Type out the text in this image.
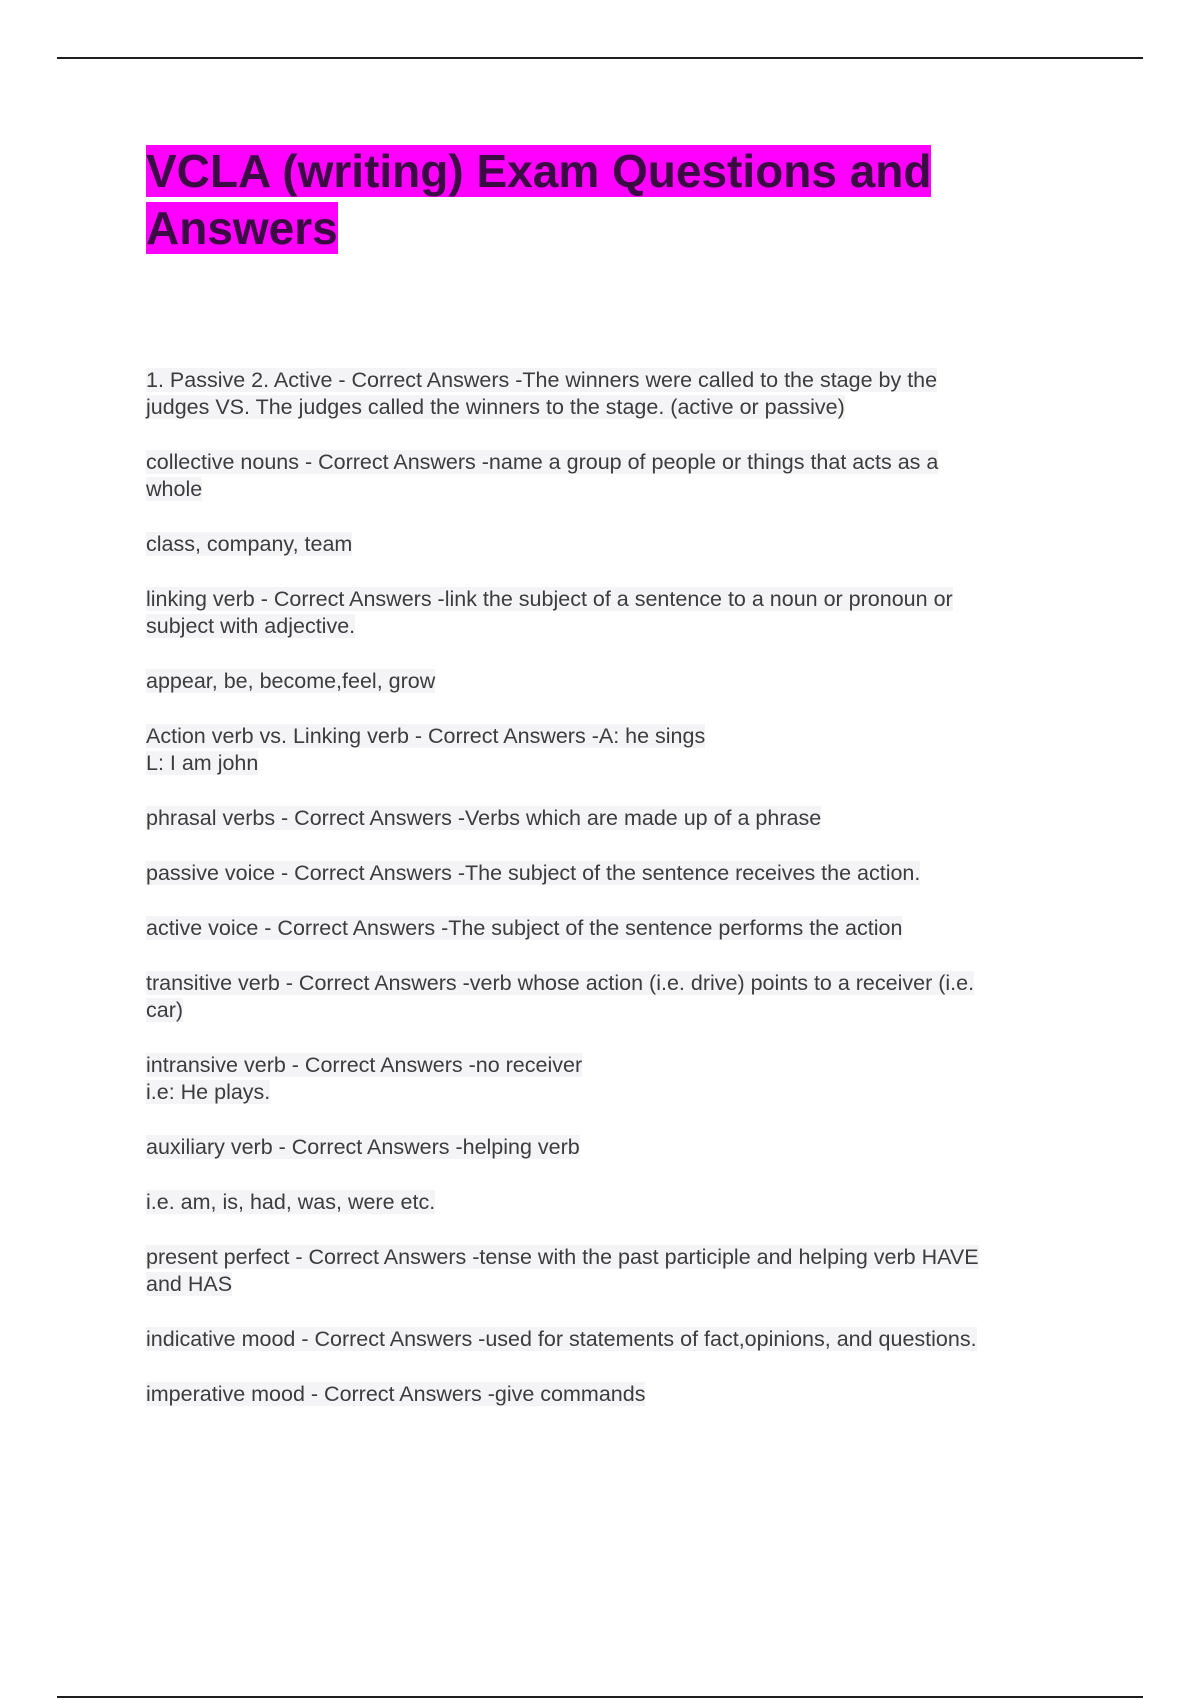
VCLA (writing) Exam Questions and
Answers

1. Passive 2. Active - Correct Answers -The winners were called to the stage by the
judges VS. The judges called the winners to the stage. (active or passive)

collective nouns - Correct Answers -name a group of people or things that acts as a
whole

class, company, team

linking verb - Correct Answers -link the subject of a sentence to a noun or pronoun or
subject with adjective.

appear, be, become,feel, grow

Action verb vs. Linking verb - Correct Answers -A: he sings
L: I am john

phrasal verbs - Correct Answers -Verbs which are made up of a phrase

passive voice - Correct Answers -The subject of the sentence receives the action.

active voice - Correct Answers -The subject of the sentence performs the action

transitive verb - Correct Answers -verb whose action (i.e. drive) points to a receiver (i.e.
car)

intransive verb - Correct Answers -no receiver
i.e: He plays.

auxiliary verb - Correct Answers -helping verb

i.e. am, is, had, was, were etc.

present perfect - Correct Answers -tense with the past participle and helping verb HAVE
and HAS

indicative mood - Correct Answers -used for statements of fact,opinions, and questions.

imperative mood - Correct Answers -give commands
